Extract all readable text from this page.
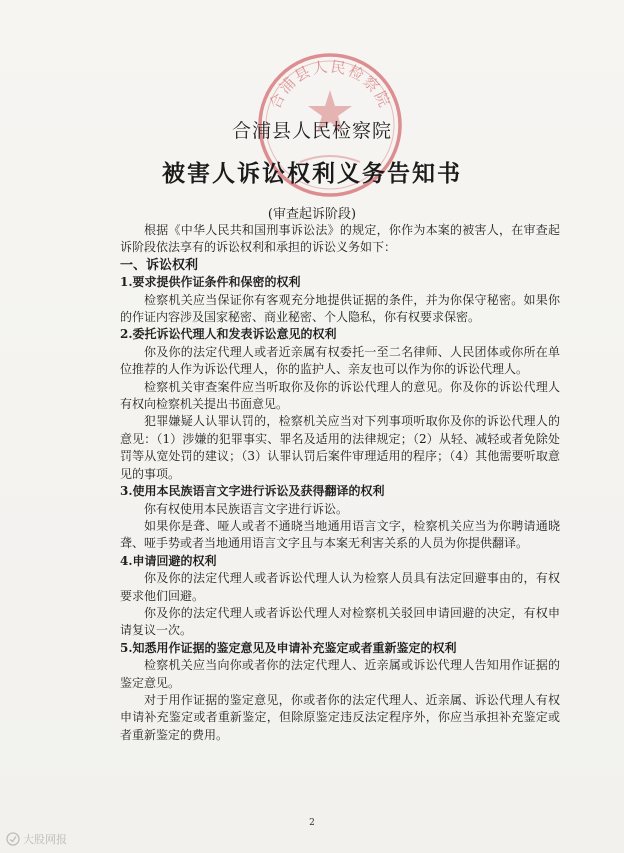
合浦县人民检察院
合浦县人民检察院
被害人诉讼权利义务告知书
(审查起诉阶段)

根据《中华人民共和国刑事诉讼法》的规定，你作为本案的被害人，在审查起诉阶段依法享有的诉讼权利和承担的诉讼义务如下：

一、诉讼权利

1.要求提供作证条件和保密的权利

检察机关应当保证你有客观充分地提供证据的条件，并为你保守秘密。如果你的作证内容涉及国家秘密、商业秘密、个人隐私，你有权要求保密。

2.委托诉讼代理人和发表诉讼意见的权利

你及你的法定代理人或者近亲属有权委托一至二名律师、人民团体或你所在单位推荐的人作为诉讼代理人，你的监护人、亲友也可以作为你的诉讼代理人。

检察机关审查案件应当听取你及你的诉讼代理人的意见。你及你的诉讼代理人有权向检察机关提出书面意见。

犯罪嫌疑人认罪认罚的，检察机关应当对下列事项听取你及你的诉讼代理人的意见：（1）涉嫌的犯罪事实、罪名及适用的法律规定；（2）从轻、减轻或者免除处罚等从宽处罚的建议；（3）认罪认罚后案件审理适用的程序；（4）其他需要听取意见的事项。

3.使用本民族语言文字进行诉讼及获得翻译的权利

你有权使用本民族语言文字进行诉讼。

如果你是聋、哑人或者不通晓当地通用语言文字，检察机关应当为你聘请通晓聋、哑手势或者当地通用语言文字且与本案无利害关系的人员为你提供翻译。

4.申请回避的权利

你及你的法定代理人或者诉讼代理人认为检察人员具有法定回避事由的，有权要求他们回避。

你及你的法定代理人或者诉讼代理人对检察机关驳回申请回避的决定，有权申请复议一次。

5.知悉用作证据的鉴定意见及申请补充鉴定或者重新鉴定的权利

检察机关应当向你或者你的法定代理人、近亲属或诉讼代理人告知用作证据的鉴定意见。

对于用作证据的鉴定意见，你或者你的法定代理人、近亲属、诉讼代理人有权申请补充鉴定或者重新鉴定，但除原鉴定违反法定程序外，你应当承担补充鉴定或者重新鉴定的费用。

2
大股网报
